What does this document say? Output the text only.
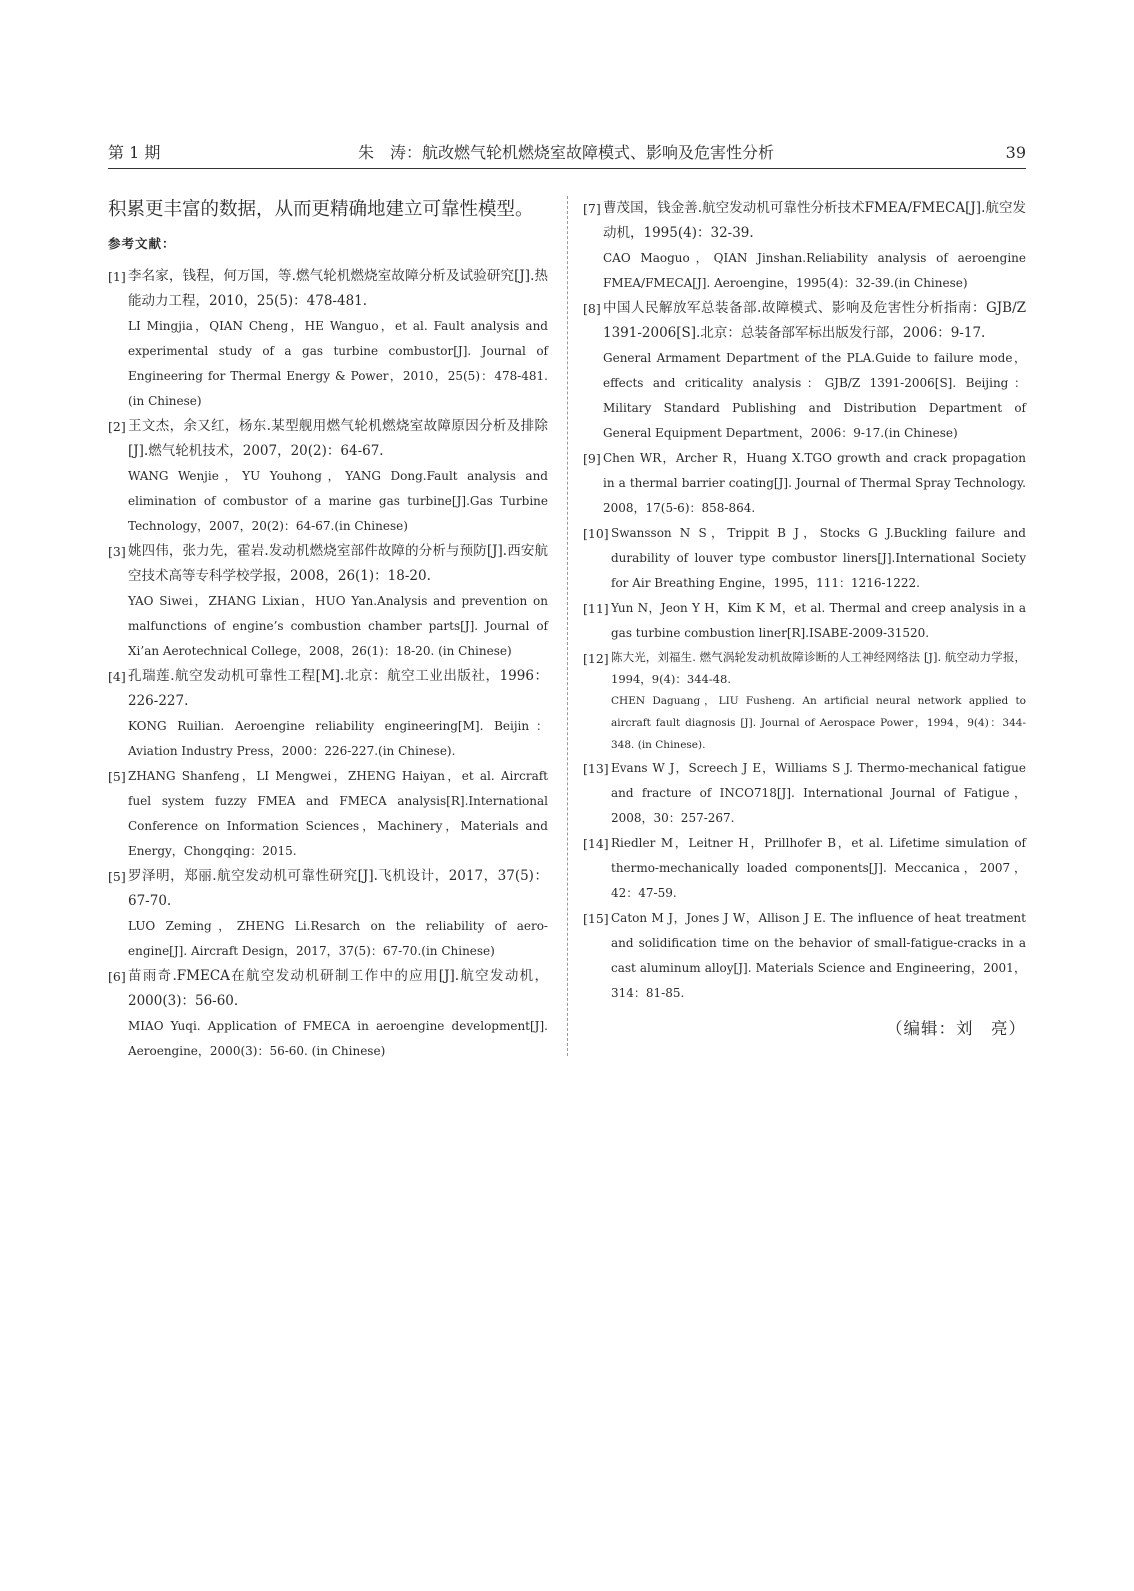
第 1 期	朱　涛：航改燃气轮机燃烧室故障模式、影响及危害性分析	39

积累更丰富的数据，从而更精确地建立可靠性模型。

参考文献：

[1] 李名家，钱程，何万国，等.燃气轮机燃烧室故障分析及试验研究[J].热能动力工程，2010，25(5)：478-481.
LI Mingjia，QIAN Cheng，HE Wanguo，et al. Fault analysis and experimental study of a gas turbine combustor[J]. Journal of Engineering for Thermal Energy & Power，2010，25(5)：478-481.(in Chinese)
[2] 王文杰，余又红，杨东.某型舰用燃气轮机燃烧室故障原因分析及排除[J].燃气轮机技术，2007，20(2)：64-67.
WANG Wenjie，YU Youhong，YANG Dong.Fault analysis and elimination of combustor of a marine gas turbine[J].Gas Turbine Technology，2007，20(2)：64-67.(in Chinese)
[3] 姚四伟，张力先，霍岩.发动机燃烧室部件故障的分析与预防[J].西安航空技术高等专科学校学报，2008，26(1)：18-20.
YAO Siwei，ZHANG Lixian，HUO Yan.Analysis and prevention on malfunctions of engine’s combustion chamber parts[J]. Journal of Xi’an Aerotechnical College，2008，26(1)：18-20. (in Chinese)
[4] 孔瑞莲.航空发动机可靠性工程[M].北京：航空工业出版社，1996：226-227.
KONG Ruilian. Aeroengine reliability engineering[M]. Beijin：Aviation Industry Press，2000：226-227.(in Chinese).
[5] ZHANG Shanfeng，LI Mengwei，ZHENG Haiyan，et al. Aircraft fuel system fuzzy FMEA and FMECA analysis[R].International Conference on Information Sciences，Machinery，Materials and Energy，Chongqing：2015.
[5] 罗泽明，郑丽.航空发动机可靠性研究[J].飞机设计，2017，37(5)：67-70.
LUO Zeming，ZHENG Li.Resarch on the reliability of aero-engine[J]. Aircraft Design，2017，37(5)：67-70.(in Chinese)
[6] 苗雨奇.FMECA在航空发动机研制工作中的应用[J].航空发动机，2000(3)：56-60.
MIAO Yuqi. Application of FMECA in aeroengine development[J]. Aeroengine，2000(3)：56-60. (in Chinese)
[7] 曹茂国，钱金善.航空发动机可靠性分析技术FMEA/FMECA[J].航空发动机，1995(4)：32-39.
CAO Maoguo，QIAN Jinshan.Reliability analysis of aeroengine FMEA/FMECA[J]. Aeroengine，1995(4)：32-39.(in Chinese)
[8] 中国人民解放军总装备部.故障模式、影响及危害性分析指南：GJB/Z 1391-2006[S].北京：总装备部军标出版发行部，2006：9-17.
General Armament Department of the PLA.Guide to failure mode，effects and criticality analysis：GJB/Z 1391-2006[S]. Beijing：Military Standard Publishing and Distribution Department of General Equipment Department，2006：9-17.(in Chinese)
[9] Chen WR，Archer R，Huang X.TGO growth and crack propagation in a thermal barrier coating[J]. Journal of Thermal Spray Technology. 2008，17(5-6)：858-864.
[10] Swansson N S，Trippit B J，Stocks G J.Buckling failure and durability of louver type combustor liners[J].International Society for Air Breathing Engine，1995，111：1216-1222.
[11] Yun N，Jeon Y H，Kim K M，et al. Thermal and creep analysis in a gas turbine combustion liner[R].ISABE-2009-31520.
[12] 陈大光，刘福生. 燃气涡轮发动机故障诊断的人工神经网络法 [J]. 航空动力学报，1994，9(4)：344-48.
CHEN Daguang，LIU Fusheng. An artificial neural network applied to aircraft fault diagnosis [J]. Journal of Aerospace Power，1994，9(4)：344-348. (in Chinese).
[13] Evans W J，Screech J E，Williams S J. Thermo-mechanical fatigue and fracture of INCO718[J]. International Journal of Fatigue，2008，30：257-267.
[14] Riedler M，Leitner H，Prillhofer B，et al. Lifetime simulation of thermo-mechanically loaded components[J]. Meccanica，2007，42：47-59.
[15] Caton M J，Jones J W，Allison J E. The influence of heat treatment and solidification time on the behavior of small-fatigue-cracks in a cast aluminum alloy[J]. Materials Science and Engineering，2001，314：81-85.
（编辑：刘　亮）
